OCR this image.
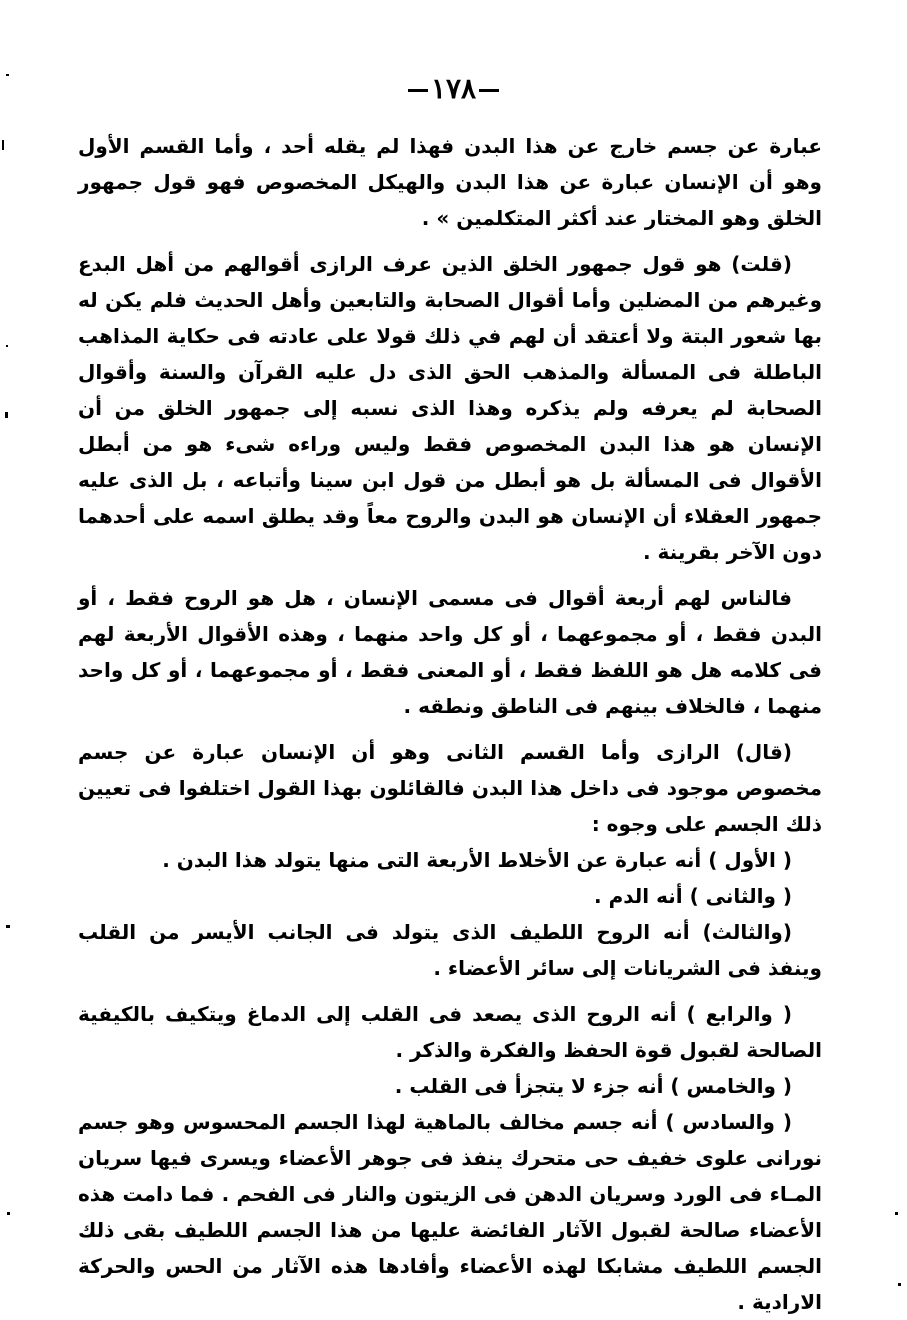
١٧٨

عبارة عن جسم خارج عن هذا البدن فهذا لم يقله أحد ، وأما القسم الأول وهو أن الإنسان عبارة عن هذا البدن والهيكل المخصوص فهو قول جمهور الخلق وهو المختار عند أكثر المتكلمين » .

(قلت) هو قول جمهور الخلق الذين عرف الرازى أقوالهم من أهل البدع وغيرهم من المضلين وأما أقوال الصحابة والتابعين وأهل الحديث فلم يكن له بها شعور البتة ولا أعتقد أن لهم في ذلك قولا على عادته فى حكاية المذاهب الباطلة فى المسألة والمذهب الحق الذى دل عليه القرآن والسنة وأقوال الصحابة لم يعرفه ولم يذكره وهذا الذى نسبه إلى جمهور الخلق من أن الإنسان هو هذا البدن المخصوص فقط وليس وراءه شىء هو من أبطل الأقوال فى المسألة بل هو أبطل من قول ابن سينا وأتباعه ، بل الذى عليه جمهور العقلاء أن الإنسان هو البدن والروح معاً وقد يطلق اسمه على أحدهما دون الآخر بقرينة .

فالناس لهم أربعة أقوال فى مسمى الإنسان ، هل هو الروح فقط ، أو البدن فقط ، أو مجموعهما ، أو كل واحد منهما ، وهذه الأقوال الأربعة لهم فى كلامه هل هو اللفظ فقط ، أو المعنى فقط ، أو مجموعهما ، أو كل واحد منهما ، فالخلاف بينهم فى الناطق ونطقه .

(قال) الرازى وأما القسم الثانى وهو أن الإنسان عبارة عن جسم مخصوص موجود فى داخل هذا البدن فالقائلون بهذا القول اختلفوا فى تعيين ذلك الجسم على وجوه :

( الأول ) أنه عبارة عن الأخلاط الأربعة التى منها يتولد هذا البدن .

( والثانى ) أنه الدم .

(والثالث) أنه الروح اللطيف الذى يتولد فى الجانب الأيسر من القلب وينفذ فى الشريانات إلى سائر الأعضاء .

( والرابع ) أنه الروح الذى يصعد فى القلب إلى الدماغ ويتكيف بالكيفية الصالحة لقبول قوة الحفظ والفكرة والذكر .

( والخامس ) أنه جزء لا يتجزأ فى القلب .

( والسادس ) أنه جسم مخالف بالماهية لهذا الجسم المحسوس وهو جسم نورانى علوى خفيف حى متحرك ينفذ فى جوهر الأعضاء ويسرى فيها سريان المـاء فى الورد وسريان الدهن فى الزيتون والنار فى الفحم . فما دامت هذه الأعضاء صالحة لقبول الآثار الفائضة عليها من هذا الجسم اللطيف بقى ذلك الجسم اللطيف مشابكا لهذه الأعضاء وأفادها هذه الآثار من الحس والحركة الارادية .
